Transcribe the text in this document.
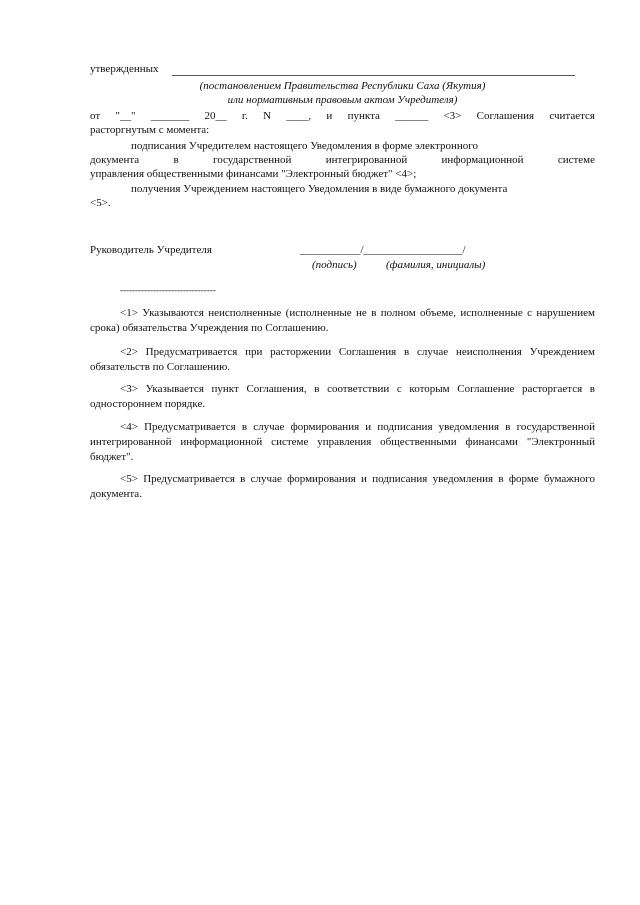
утвержденных
(постановлением Правительства Республики Саха (Якутия)
или нормативным правовым актом Учредителя)
от "__" _______ 20__ г. N ____, и пункта ______ <3> Соглашения считается
расторгнутым с момента:
подписания Учредителем настоящего Уведомления в форме электронного
документа в государственной интегрированной информационной системе
управления общественными финансами "Электронный бюджет" <4>;
получения Учреждением настоящего Уведомления в виде бумажного документа
<5>.
Руководитель Учредителя	___________/__________________/
(подпись)	(фамилия, инициалы)
--------------------------------
<1> Указываются неисполненные (исполненные не в полном объеме, исполненные с нарушением срока) обязательства Учреждения по Соглашению.
<2> Предусматривается при расторжении Соглашения в случае неисполнения Учреждением обязательств по Соглашению.
<3> Указывается пункт Соглашения, в соответствии с которым Соглашение расторгается в одностороннем порядке.
<4> Предусматривается в случае формирования и подписания уведомления в государственной интегрированной информационной системе управления общественными финансами "Электронный бюджет".
<5> Предусматривается в случае формирования и подписания уведомления в форме бумажного документа.
